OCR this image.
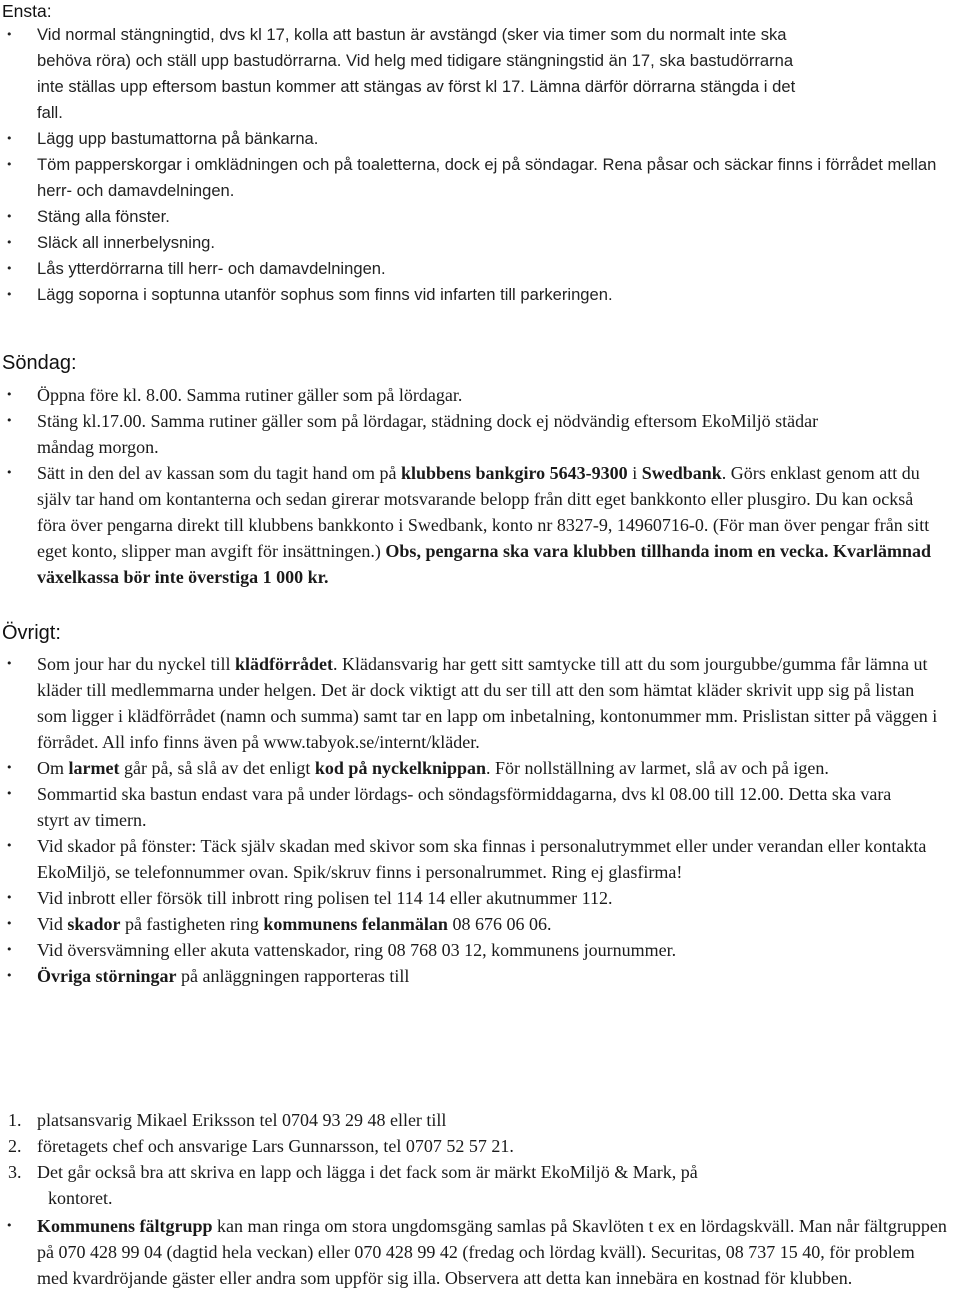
Ensta:
• Vid normal stängningtid, dvs kl 17, kolla att bastun är avstängd (sker via timer som du normalt inte ska
behöva röra) och ställ upp bastudörrarna. Vid helg med tidigare stängningstid än 17, ska bastudörrarna
inte ställas upp eftersom bastun kommer att stängas av först kl 17. Lämna därför dörrarna stängda i det
fall.
• Lägg upp bastumattorna på bänkarna.
• Töm papperskorgar i omklädningen och på toaletterna, dock ej på söndagar. Rena påsar och säckar finns i förrådet mellan herr- och damavdelningen.
• Stäng alla fönster.
• Släck all innerbelysning.
• Lås ytterdörrarna till herr- och damavdelningen.
• Lägg soporna i soptunna utanför sophus som finns vid infarten till parkeringen.
Söndag:
• Öppna före kl. 8.00. Samma rutiner gäller som på lördagar.
• Stäng kl.17.00. Samma rutiner gäller som på lördagar, städning dock ej nödvändig eftersom EkoMiljö städar måndag morgon.
• Sätt in den del av kassan som du tagit hand om på klubbens bankgiro 5643-9300 i Swedbank. Görs enklast genom att du själv tar hand om kontanterna och sedan girerar motsvarande belopp från ditt eget bankkonto eller plusgiro. Du kan också föra över pengarna direkt till klubbens bankkonto i Swedbank, konto nr 8327-9, 14960716-0. (För man över pengar från sitt eget konto, slipper man avgift för insättningen.) Obs, pengarna ska vara klubben tillhanda inom en vecka. Kvarlämnad växelkassa bör inte överstiga 1 000 kr.
Övrigt:
• Som jour har du nyckel till klädförrådet. Klädansvarig har gett sitt samtycke till att du som jourgubbe/gumma får lämna ut kläder till medlemmarna under helgen. Det är dock viktigt att du ser till att den som hämtat kläder skrivit upp sig på listan som ligger i klädförrådet (namn och summa) samt tar en lapp om inbetalning, kontonummer mm. Prislistan sitter på väggen i förrådet. All info finns även på www.tabyok.se/internt/kläder.
• Om larmet går på, så slå av det enligt kod på nyckelknippan. För nollställning av larmet, slå av och på igen.
• Sommartid ska bastun endast vara på under lördags- och söndagsförmiddagarna, dvs kl 08.00 till 12.00. Detta ska vara styrt av timern.
• Vid skador på fönster: Täck själv skadan med skivor som ska finnas i personalutrymmet eller under verandan eller kontakta EkoMiljö, se telefonnummer ovan. Spik/skruv finns i personalrummet. Ring ej glasfirma!
• Vid inbrott eller försök till inbrott ring polisen tel 114 14 eller akutnummer 112.
• Vid skador på fastigheten ring kommunens felanmälan 08 676 06 06.
• Vid översvämning eller akuta vattenskador, ring 08 768 03 12, kommunens journummer.
• Övriga störningar på anläggningen rapporteras till
1. platsansvarig Mikael Eriksson tel 0704 93 29 48 eller till
2. företagets chef och ansvarige Lars Gunnarsson, tel 0707 52 57 21.
3. Det går också bra att skriva en lapp och lägga i det fack som är märkt EkoMiljö & Mark, på
kontoret.
• Kommunens fältgrupp kan man ringa om stora ungdomsgäng samlas på Skavlöten t ex en lördagskväll. Man når fältgruppen på 070 428 99 04 (dagtid hela veckan) eller 070 428 99 42 (fredag och lördag kväll). Securitas, 08 737 15 40, för problem med kvardröjande gäster eller andra som uppför sig illa. Observera att detta kan innebära en kostnad för klubben.
